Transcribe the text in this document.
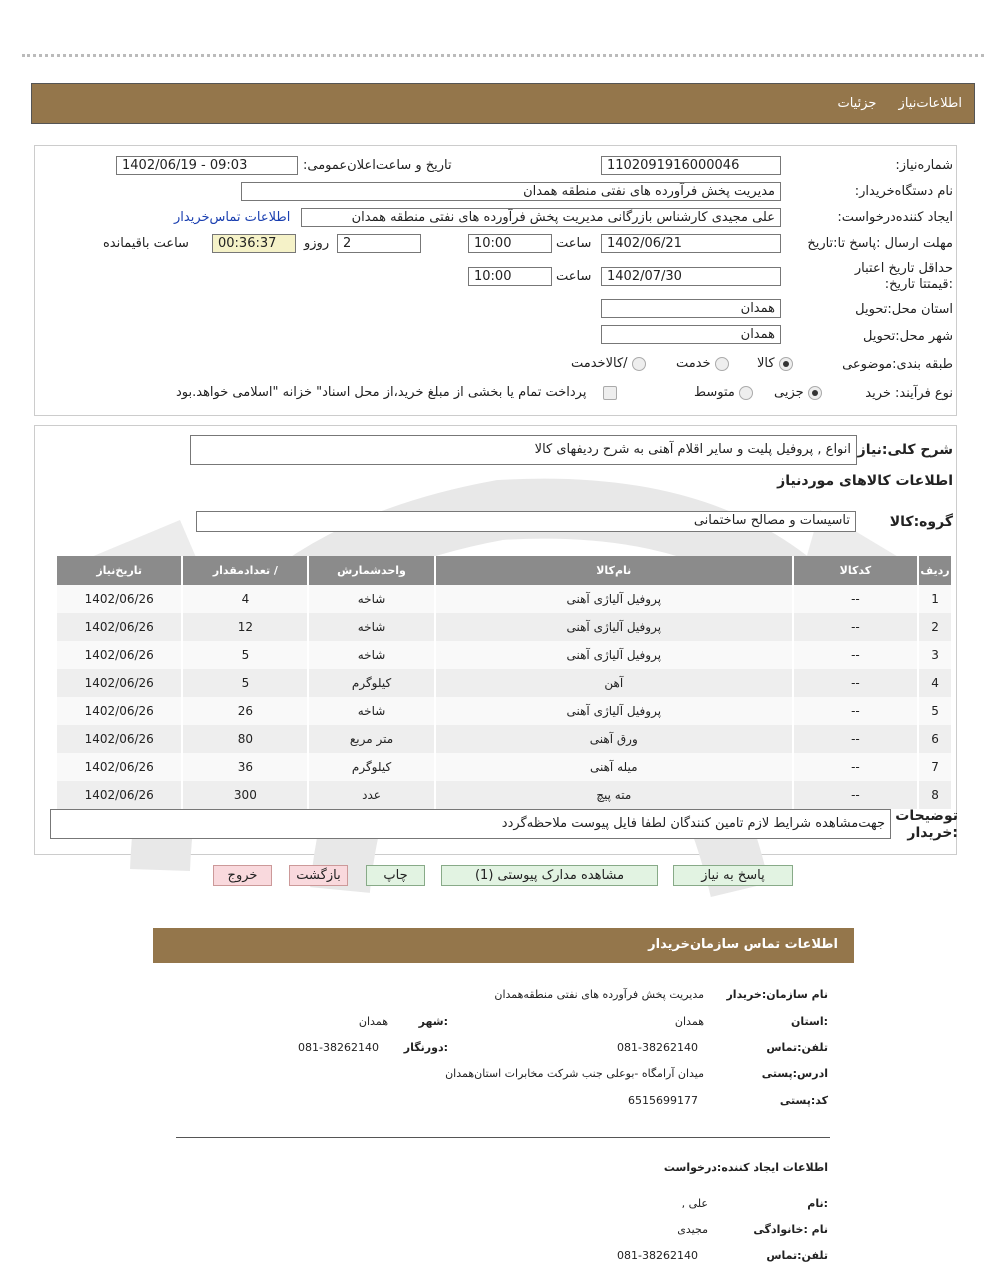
اطلاعات‌نیاز جزئیات
شماره‌نیاز:
1102091916000046
تاریخ و ساعت‌اعلان‌عمومی:
1402/06/19 - 09:03
نام دستگاه‌خریدار:
مدیریت پخش فرآورده های نفتی منطقه همدان
ایجاد کننده‌درخواست:
علی مجیدی کارشناس بازرگانی مدیریت پخش فرآورده های نفتی منطقه همدان
اطلاعات تماس‌خریدار
مهلت ارسال :پاسخ تا:تاریخ
1402/06/21
ساعت
10:00
2
روزو
00:36:37
ساعت باقیمانده
حداقل تاریخ اعتبار :قیمتتا تاریخ:
1402/07/30
ساعت
10:00
استان محل:تحویل
همدان
شهر محل:تحویل
همدان
طبقه بندی:موضوعی
کالا
خدمت
/کالاخدمت
نوع فرآیند: خرید
جزیی
متوسط
پرداخت تمام یا بخشی از مبلغ خرید،از محل اسناد" خزانه "اسلامی خواهد.بود
شرح کلی:نیاز
انواع , پروفیل پلیت و سایر اقلام آهنی به شرح ردیفهای کالا
اطلاعات کالاهای موردنیاز
گروه:کالا
تاسیسات و مصالح ساختمانی
ردیف	کدکالا	نام‌کالا	واحدشمارش	/ تعدادمقدار	تاریخ‌نیاز
1	--	پروفیل آلیاژی آهنی	شاخه	4	1402/06/26
2	--	پروفیل آلیاژی آهنی	شاخه	12	1402/06/26
3	--	پروفیل آلیاژی آهنی	شاخه	5	1402/06/26
4	--	آهن	کیلوگرم	5	1402/06/26
5	--	پروفیل آلیاژی آهنی	شاخه	26	1402/06/26
6	--	ورق آهنی	متر مربع	80	1402/06/26
7	--	میله آهنی	کیلوگرم	36	1402/06/26
8	--	مته پیچ	عدد	300	1402/06/26
توضیحات :خریدار
جهت‌مشاهده شرایط لازم تامین کنندگان لطفا فایل پیوست ملاحظه‌گردد
پاسخ به نیاز
مشاهده مدارک پیوستی (1)
چاپ
بازگشت
خروج
اطلاعات تماس سازمان‌خریدار
نام سازمان:خریدار
مدیریت پخش فرآورده های نفتی منطقه‌همدان
:استان
همدان
:شهر
همدان
تلفن:تماس
081-38262140
:دورنگار
081-38262140
ادرس:پستی
میدان آرامگاه -بوعلی جنب شرکت مخابرات استان‌همدان
کد:پستی
6515699177
اطلاعات ایجاد کننده:درخواست
:نام
علی ,
نام :خانوادگی
مجیدی
تلفن:تماس
081-38262140
